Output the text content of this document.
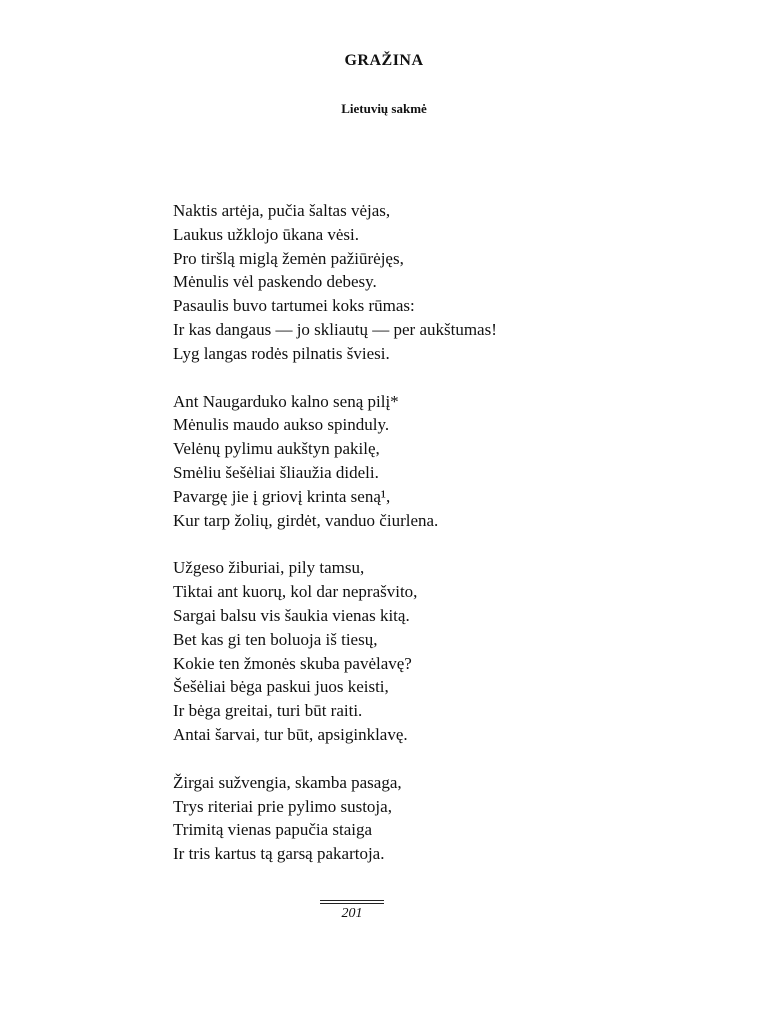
GRAŽINA
Lietuvių sakmė
Naktis artėja, pučia šaltas vėjas,
Laukus užklojo ūkana vėsi.
Pro tiršlą miglą žemėn pažiūrėjęs,
Mėnulis vėl paskendo debesy.
Pasaulis buvo tartumei koks rūmas:
Ir kas dangaus — jo skliautų — per aukštumas!
Lyg langas rodės pilnatis šviesi.
Ant Naugarduko kalno seną pilį*
Mėnulis maudo aukso spinduly.
Velėnų pylimu aukštyn pakilę,
Smėliu šešėliai šliaužia dideli.
Pavargę jie į griovį krinta seną¹,
Kur tarp žolių, girdėt, vanduo čiurlena.
Užgeso žiburiai, pily tamsu,
Tiktai ant kuorų, kol dar neprašvito,
Sargai balsu vis šaukia vienas kitą.
Bet kas gi ten boluoja iš tiesų,
Kokie ten žmonės skuba pavėlavę?
Šešėliai bėga paskui juos keisti,
Ir bėga greitai, turi būt raiti.
Antai šarvai, tur būt, apsiginklavę.
Žirgai sužvengia, skamba pasaga,
Trys riteriai prie pylimo sustoja,
Trimitą vienas papučia staiga
Ir tris kartus tą garsą pakartoja.
201
